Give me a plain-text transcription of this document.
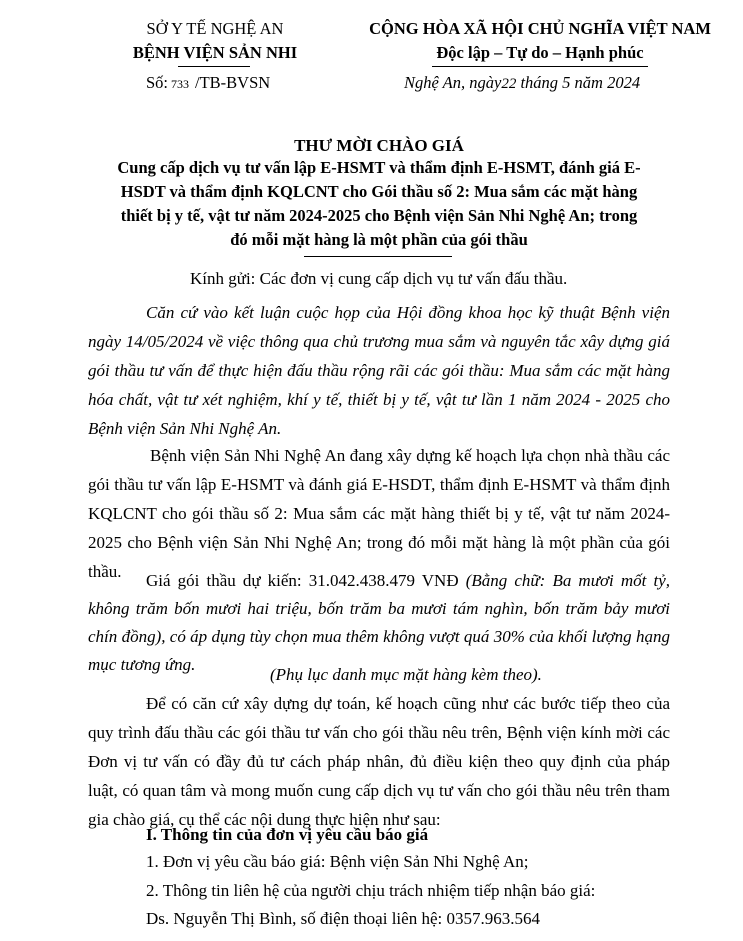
SỞ Y TẾ NGHỆ AN
BỆNH VIỆN SẢN NHI
Số: 733 /TB-BVSN
CỘNG HÒA XÃ HỘI CHỦ NGHĨA VIỆT NAM
Độc lập – Tự do – Hạnh phúc
Nghệ An, ngày22 tháng 5 năm 2024
THƯ MỜI CHÀO GIÁ
Cung cấp dịch vụ tư vấn lập E-HSMT và thẩm định E-HSMT, đánh giá E-
HSDT và thẩm định KQLCNT cho Gói thầu số 2: Mua sắm các mặt hàng
thiết bị y tế, vật tư năm 2024-2025 cho Bệnh viện Sản Nhi Nghệ An; trong
đó mỗi mặt hàng là một phần của gói thầu
Kính gửi: Các đơn vị cung cấp dịch vụ tư vấn đấu thầu.
Căn cứ vào kết luận cuộc họp của Hội đồng khoa học kỹ thuật Bệnh viện ngày 14/05/2024 về việc thông qua chủ trương mua sắm và nguyên tắc xây dựng giá gói thầu tư vấn để thực hiện đấu thầu rộng rãi các gói thầu: Mua sắm các mặt hàng hóa chất, vật tư xét nghiệm, khí y tế, thiết bị y tế, vật tư lần 1 năm 2024 - 2025 cho Bệnh viện Sản Nhi Nghệ An.
Bệnh viện Sản Nhi Nghệ An đang xây dựng kế hoạch lựa chọn nhà thầu các gói thầu tư vấn lập E-HSMT và đánh giá E-HSDT, thẩm định E-HSMT và thẩm định KQLCNT cho gói thầu số 2: Mua sắm các mặt hàng thiết bị y tế, vật tư năm 2024-2025 cho Bệnh viện Sản Nhi Nghệ An; trong đó mỗi mặt hàng là một phần của gói thầu.	Giá gói thầu dự kiến: 31.042.438.479 VNĐ (Bằng chữ: Ba mươi mốt tỷ, không trăm bốn mươi hai triệu, bốn trăm ba mươi tám nghìn, bốn trăm bảy mươi chín đồng), có áp dụng tùy chọn mua thêm không vượt quá 30% của khối lượng hạng mục tương ứng.
(Phụ lục danh mục mặt hàng kèm theo).
Để có căn cứ xây dựng dự toán, kế hoạch cũng như các bước tiếp theo của quy trình đấu thầu các gói thầu tư vấn cho gói thầu nêu trên, Bệnh viện kính mời các Đơn vị tư vấn có đầy đủ tư cách pháp nhân, đủ điều kiện theo quy định của pháp luật, có quan tâm và mong muốn cung cấp dịch vụ tư vấn cho gói thầu nêu trên tham gia chào giá, cụ thể các nội dung thực hiện như sau:
I. Thông tin của đơn vị yêu cầu báo giá
1. Đơn vị yêu cầu báo giá: Bệnh viện Sản Nhi Nghệ An;
2. Thông tin liên hệ của người chịu trách nhiệm tiếp nhận báo giá:
Ds. Nguyễn Thị Bình, số điện thoại liên hệ: 0357.963.564
